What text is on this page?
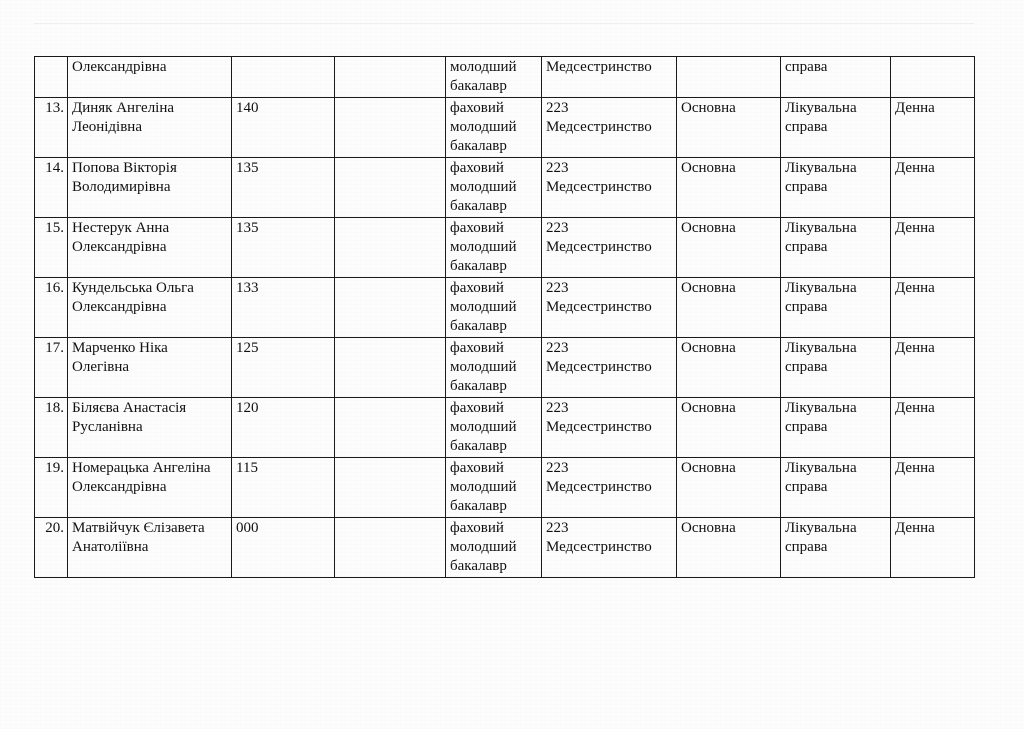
	Олександрівна			молодший бакалавр	Медсестринство		справа	
13.	Диняк Ангеліна Леонідівна	140		фаховий молодший бакалавр	223 Медсестринство	Основна	Лікувальна справа	Денна
14.	Попова Вікторія Володимирівна	135		фаховий молодший бакалавр	223 Медсестринство	Основна	Лікувальна справа	Денна
15.	Нестерук Анна Олександрівна	135		фаховий молодший бакалавр	223 Медсестринство	Основна	Лікувальна справа	Денна
16.	Кундельська Ольга Олександрівна	133		фаховий молодший бакалавр	223 Медсестринство	Основна	Лікувальна справа	Денна
17.	Марченко Ніка Олегівна	125		фаховий молодший бакалавр	223 Медсестринство	Основна	Лікувальна справа	Денна
18.	Біляєва Анастасія Русланівна	120		фаховий молодший бакалавр	223 Медсестринство	Основна	Лікувальна справа	Денна
19.	Номерацька Ангеліна Олександрівна	115		фаховий молодший бакалавр	223 Медсестринство	Основна	Лікувальна справа	Денна
20.	Матвійчук Єлізавета Анатоліївна	000		фаховий молодший бакалавр	223 Медсестринство	Основна	Лікувальна справа	Денна
